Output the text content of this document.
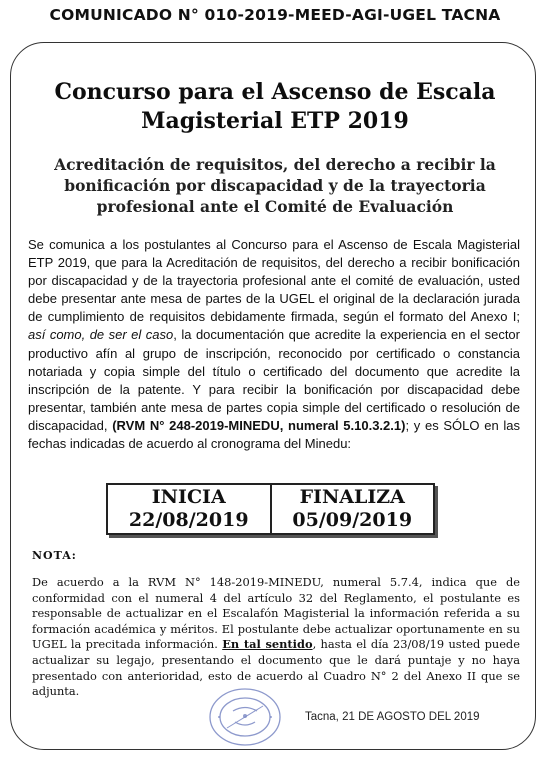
COMUNICADO N° 010-2019-MEED-AGI-UGEL TACNA
Concurso para el Ascenso de Escala Magisterial ETP 2019
Acreditación de requisitos, del derecho a recibir la bonificación por discapacidad y de la trayectoria profesional ante el Comité de Evaluación
Se comunica a los postulantes al Concurso para el Ascenso de Escala Magisterial ETP 2019, que para la Acreditación de requisitos, del derecho a recibir bonificación por discapacidad y de la trayectoria profesional ante el comité de evaluación, usted debe presentar ante mesa de partes de la UGEL el original de la declaración jurada de cumplimiento de requisitos debidamente firmada, según el formato del Anexo I; así como, de ser el caso, la documentación que acredite la experiencia en el sector productivo afín al grupo de inscripción, reconocido por certificado o constancia notariada y copia simple del título o certificado del documento que acredite la inscripción de la patente. Y para recibir la bonificación por discapacidad debe presentar, también ante mesa de partes copia simple del certificado o resolución de discapacidad, (RVM N° 248-2019-MINEDU, numeral 5.10.3.2.1); y es SÓLO en las fechas indicadas de acuerdo al cronograma del Minedu:
INICIA
22/08/2019
FINALIZA
05/09/2019
NOTA:
De acuerdo a la RVM N° 148-2019-MINEDU, numeral 5.7.4, indica que de conformidad con el numeral 4 del artículo 32 del Reglamento, el postulante es responsable de actualizar en el Escalafón Magisterial la información referida a su formación académica y méritos. El postulante debe actualizar oportunamente en su UGEL la precitada información. En tal sentido, hasta el día 23/08/19 usted puede actualizar su legajo, presentando el documento que le dará puntaje y no haya presentado con anterioridad, esto de acuerdo al Cuadro N° 2 del Anexo II que se adjunta.
Tacna, 21 DE AGOSTO DEL 2019
